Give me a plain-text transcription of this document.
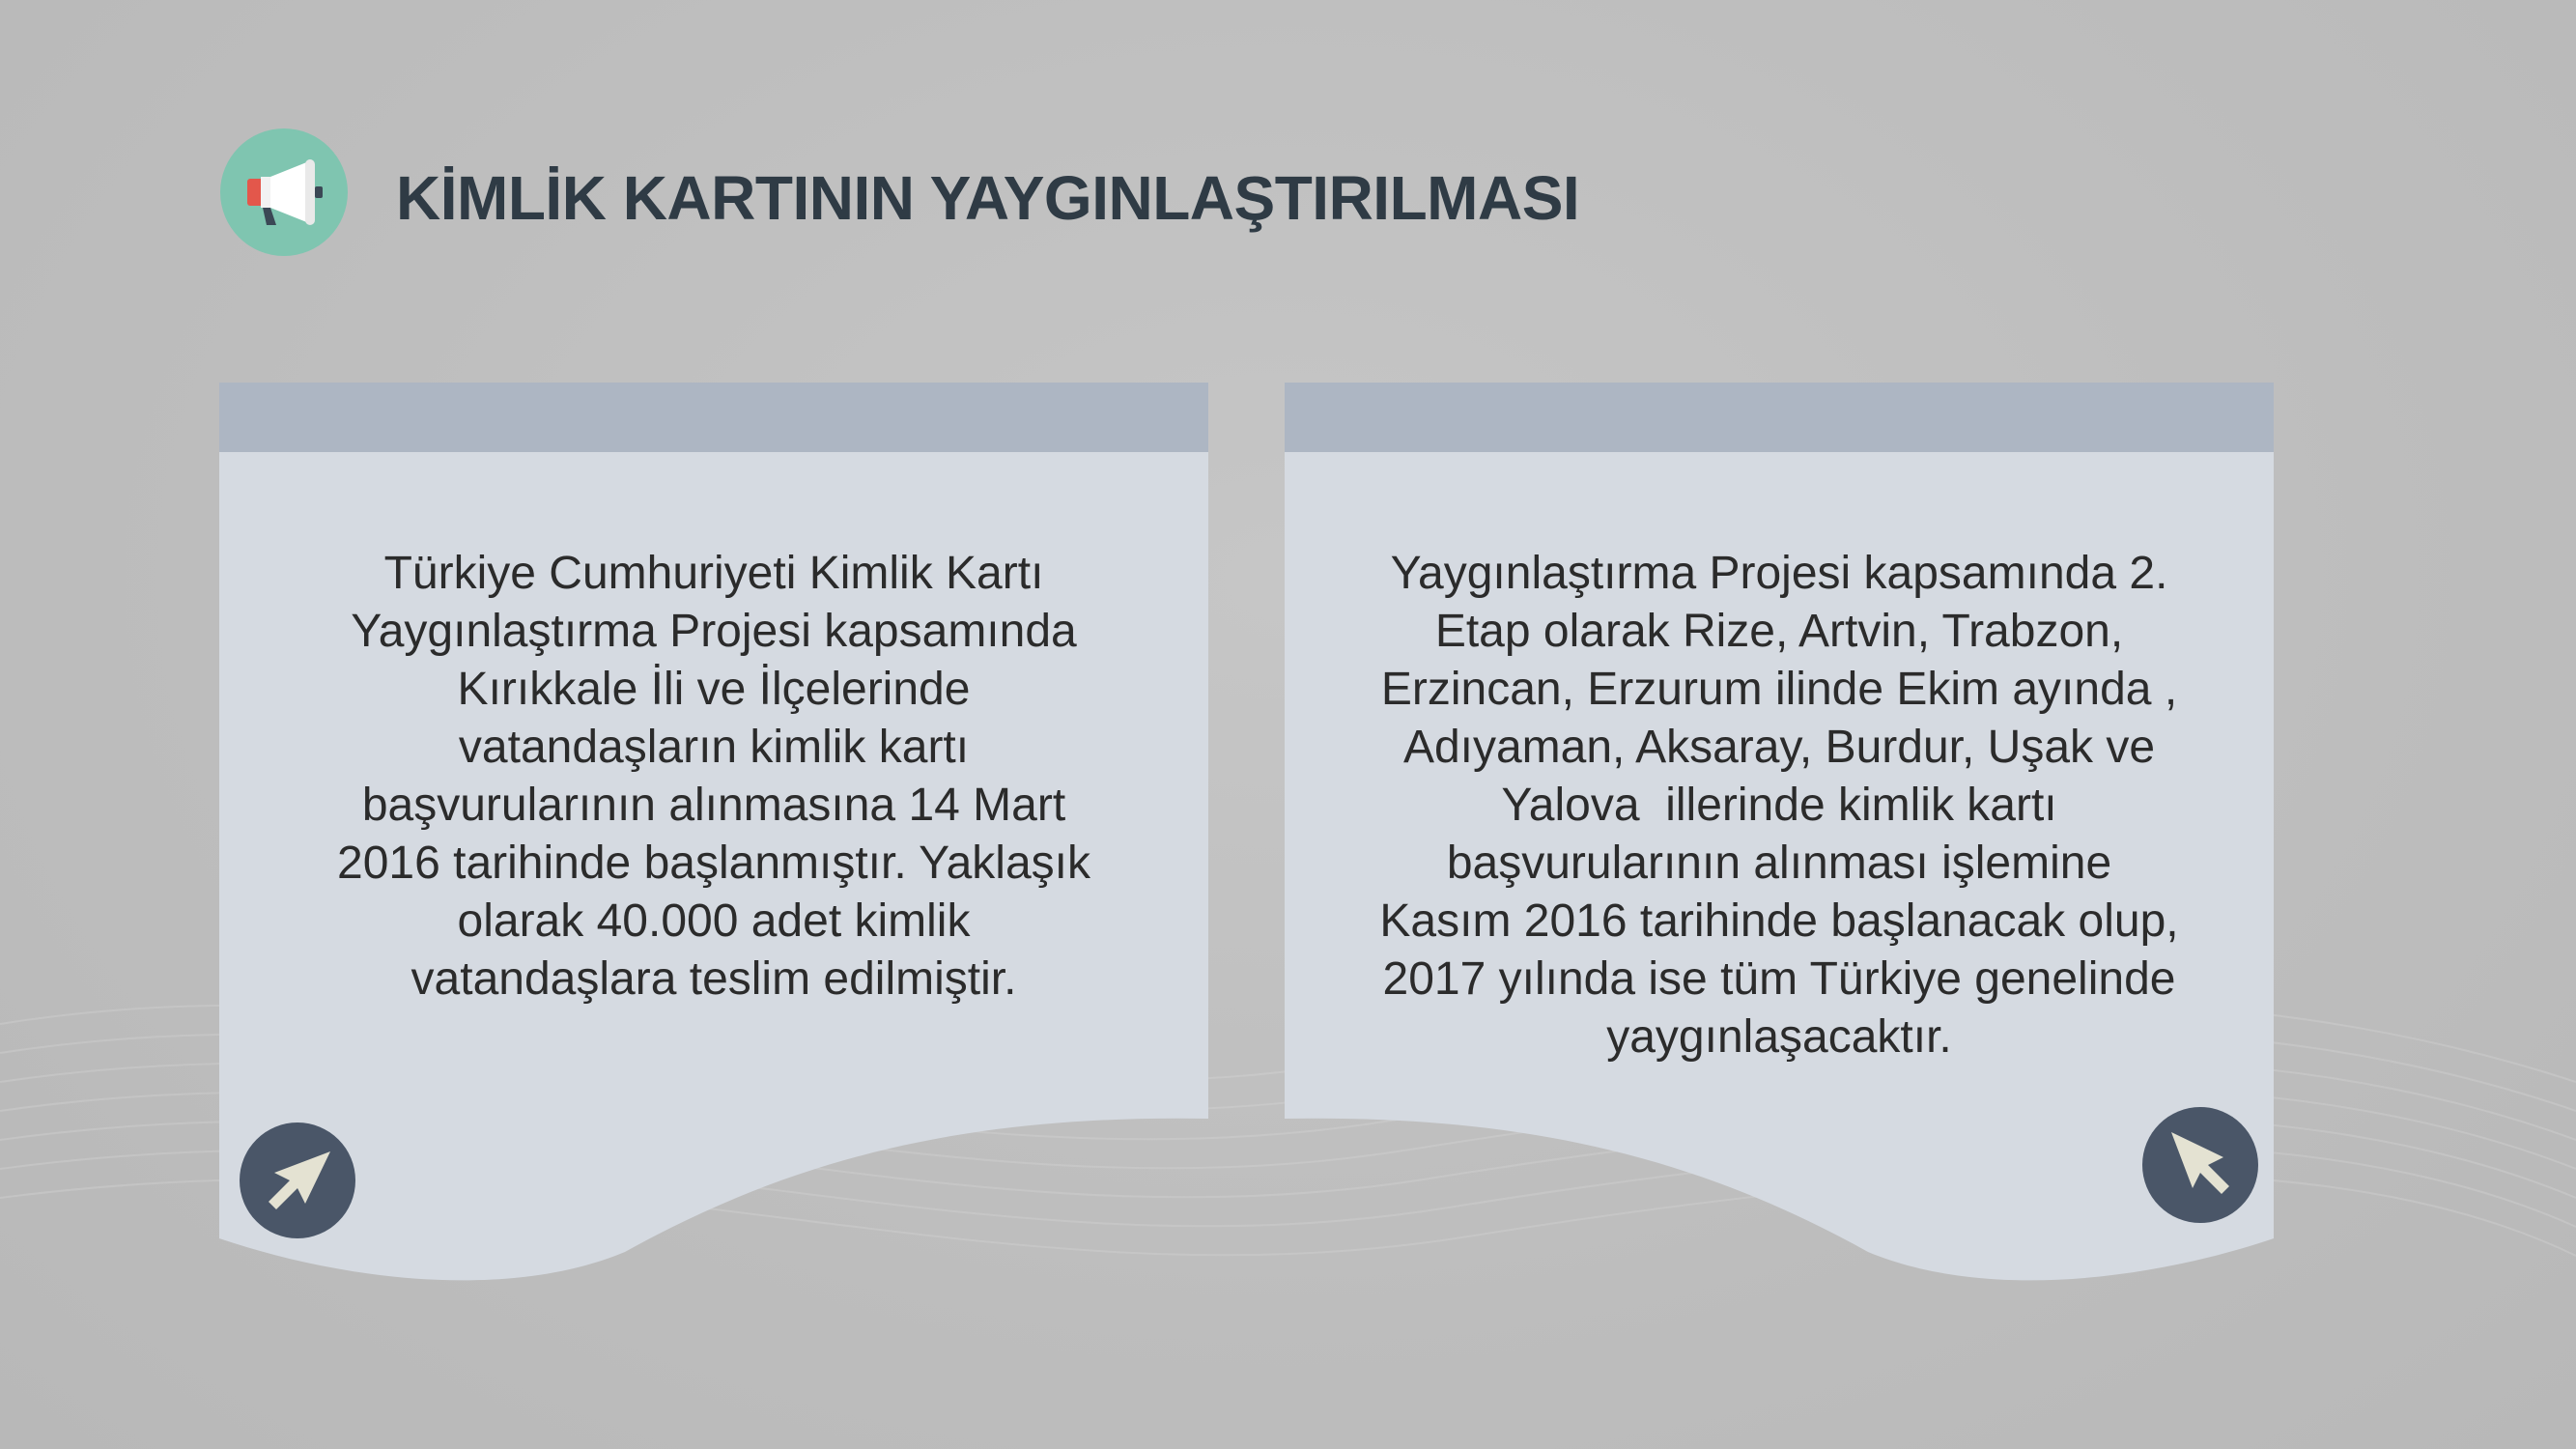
KİMLİK KARTININ YAYGINLAŞTIRILMASI
Türkiye Cumhuriyeti Kimlik Kartı
Yaygınlaştırma Projesi kapsamında
Kırıkkale İli ve İlçelerinde
vatandaşların kimlik kartı
başvurularının alınmasına 14 Mart
2016 tarihinde başlanmıştır. Yaklaşık
olarak 40.000 adet kimlik
vatandaşlara teslim edilmiştir.
Yaygınlaştırma Projesi kapsamında 2.
Etap olarak Rize, Artvin, Trabzon,
Erzincan, Erzurum ilinde Ekim ayında ,
Adıyaman, Aksaray, Burdur, Uşak ve
Yalova  illerinde kimlik kartı
başvurularının alınması işlemine
Kasım 2016 tarihinde başlanacak olup,
2017 yılında ise tüm Türkiye genelinde
yaygınlaşacaktır.
